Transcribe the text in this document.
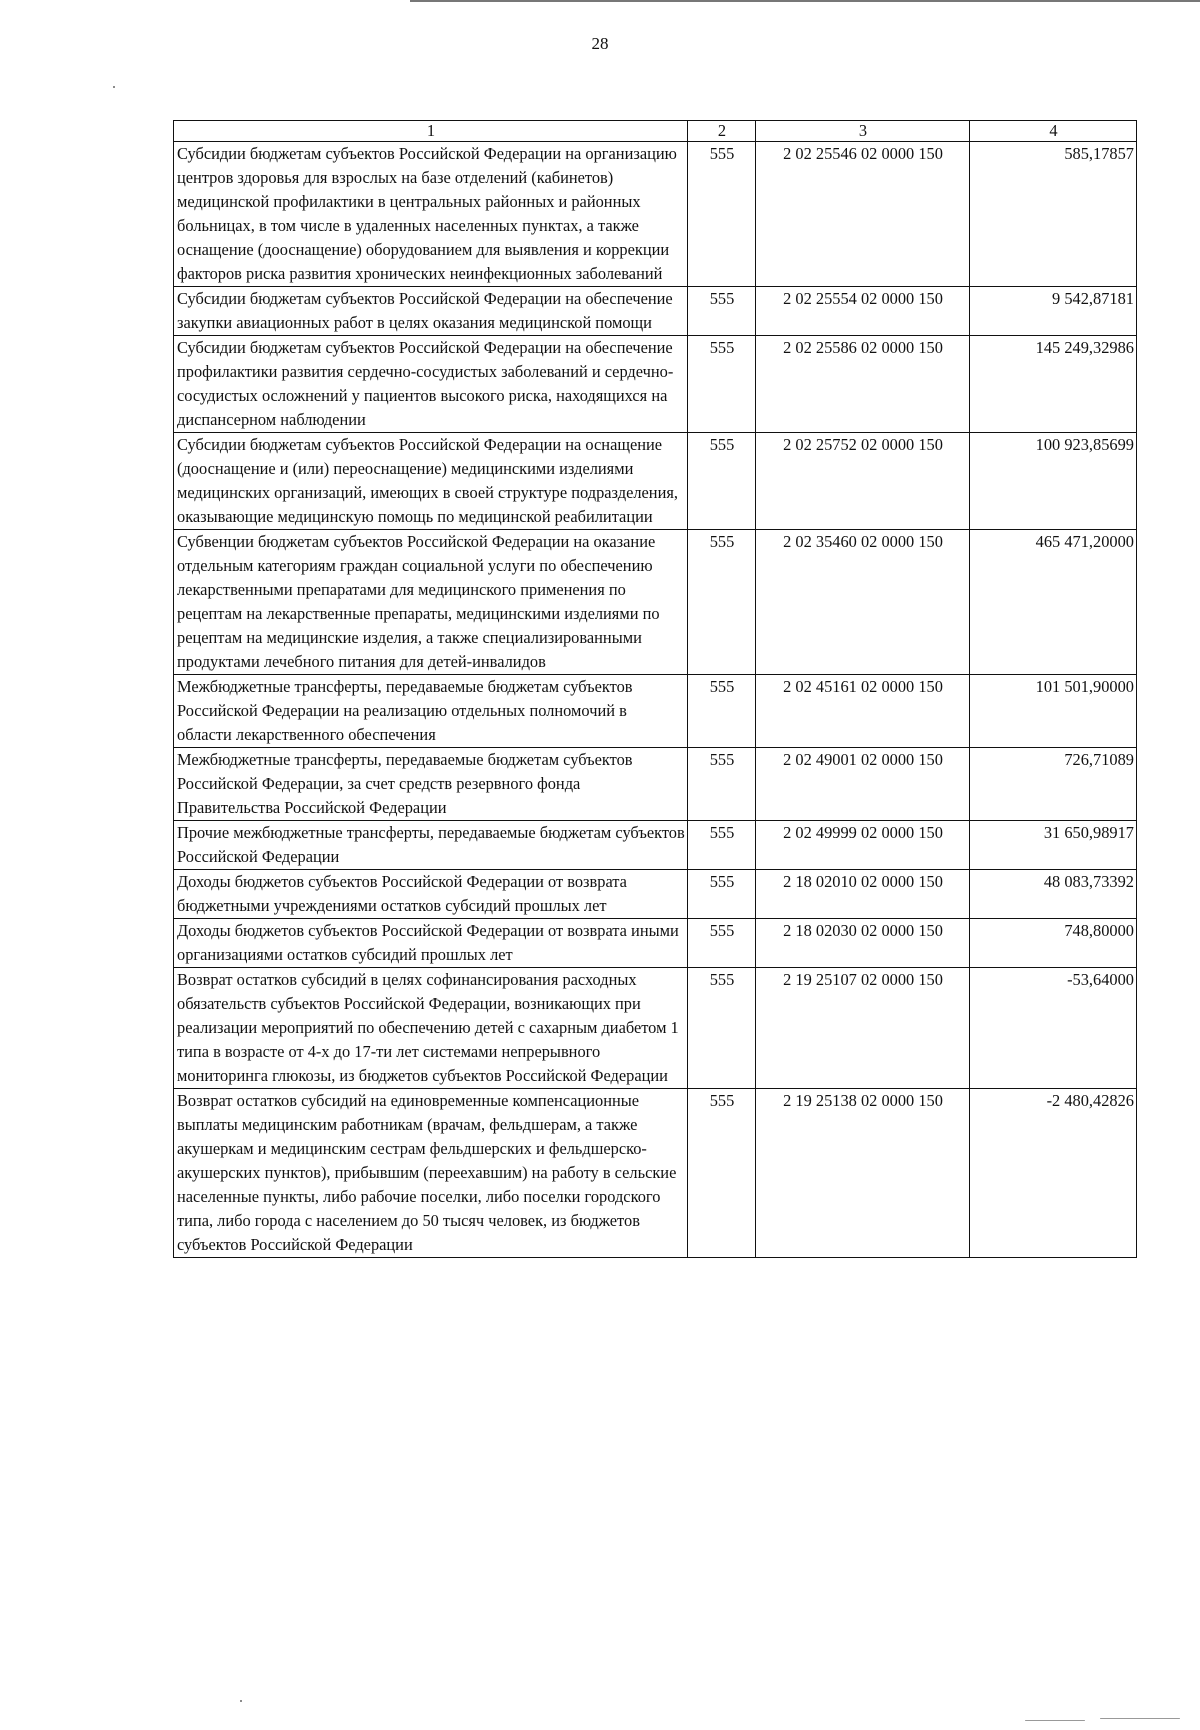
28
1	2	3	4
Субсидии бюджетам субъектов Российской Федерации на организацию центров здоровья для взрослых на базе отделений (кабинетов) медицинской профилактики в центральных районных и районных больницах, в том числе в удаленных населенных пунктах, а также оснащение (дооснащение) оборудованием для выявления и коррекции факторов риска развития хронических неинфекционных заболеваний	555	2 02 25546 02 0000 150	585,17857
Субсидии бюджетам субъектов Российской Федерации на обеспечение закупки авиационных работ в целях оказания медицинской помощи	555	2 02 25554 02 0000 150	9 542,87181
Субсидии бюджетам субъектов Российской Федерации на обеспечение профилактики развития сердечно-сосудистых заболеваний и сердечно-сосудистых осложнений у пациентов высокого риска, находящихся на диспансерном наблюдении	555	2 02 25586 02 0000 150	145 249,32986
Субсидии бюджетам субъектов Российской Федерации на оснащение (дооснащение и (или) переоснащение) медицинскими изделиями медицинских организаций, имеющих в своей структуре подразделения, оказывающие медицинскую помощь по медицинской реабилитации	555	2 02 25752 02 0000 150	100 923,85699
Субвенции бюджетам субъектов Российской Федерации на оказание отдельным категориям граждан социальной услуги по обеспечению лекарственными препаратами для медицинского применения по рецептам на лекарственные препараты, медицинскими изделиями по рецептам на медицинские изделия, а также специализированными продуктами лечебного питания для детей-инвалидов	555	2 02 35460 02 0000 150	465 471,20000
Межбюджетные трансферты, передаваемые бюджетам субъектов Российской Федерации на реализацию отдельных полномочий в области лекарственного обеспечения	555	2 02 45161 02 0000 150	101 501,90000
Межбюджетные трансферты, передаваемые бюджетам субъектов Российской Федерации, за счет средств резервного фонда Правительства Российской Федерации	555	2 02 49001 02 0000 150	726,71089
Прочие межбюджетные трансферты, передаваемые бюджетам субъектов Российской Федерации	555	2 02 49999 02 0000 150	31 650,98917
Доходы бюджетов субъектов Российской Федерации от возврата бюджетными учреждениями остатков субсидий прошлых лет	555	2 18 02010 02 0000 150	48 083,73392
Доходы бюджетов субъектов Российской Федерации от возврата иными организациями остатков субсидий прошлых лет	555	2 18 02030 02 0000 150	748,80000
Возврат остатков субсидий в целях софинансирования расходных обязательств субъектов Российской Федерации, возникающих при реализации мероприятий по обеспечению детей с сахарным диабетом 1 типа в возрасте от 4-х до 17-ти лет системами непрерывного мониторинга глюкозы, из бюджетов субъектов Российской Федерации	555	2 19 25107 02 0000 150	-53,64000
Возврат остатков субсидий на единовременные компенсационные выплаты медицинским работникам (врачам, фельдшерам, а также акушеркам и медицинским сестрам фельдшерских и фельдшерско-акушерских пунктов), прибывшим (переехавшим) на работу в сельские населенные пункты, либо рабочие поселки, либо поселки городского типа, либо города с населением до 50 тысяч человек, из бюджетов субъектов Российской Федерации	555	2 19 25138 02 0000 150	-2 480,42826
